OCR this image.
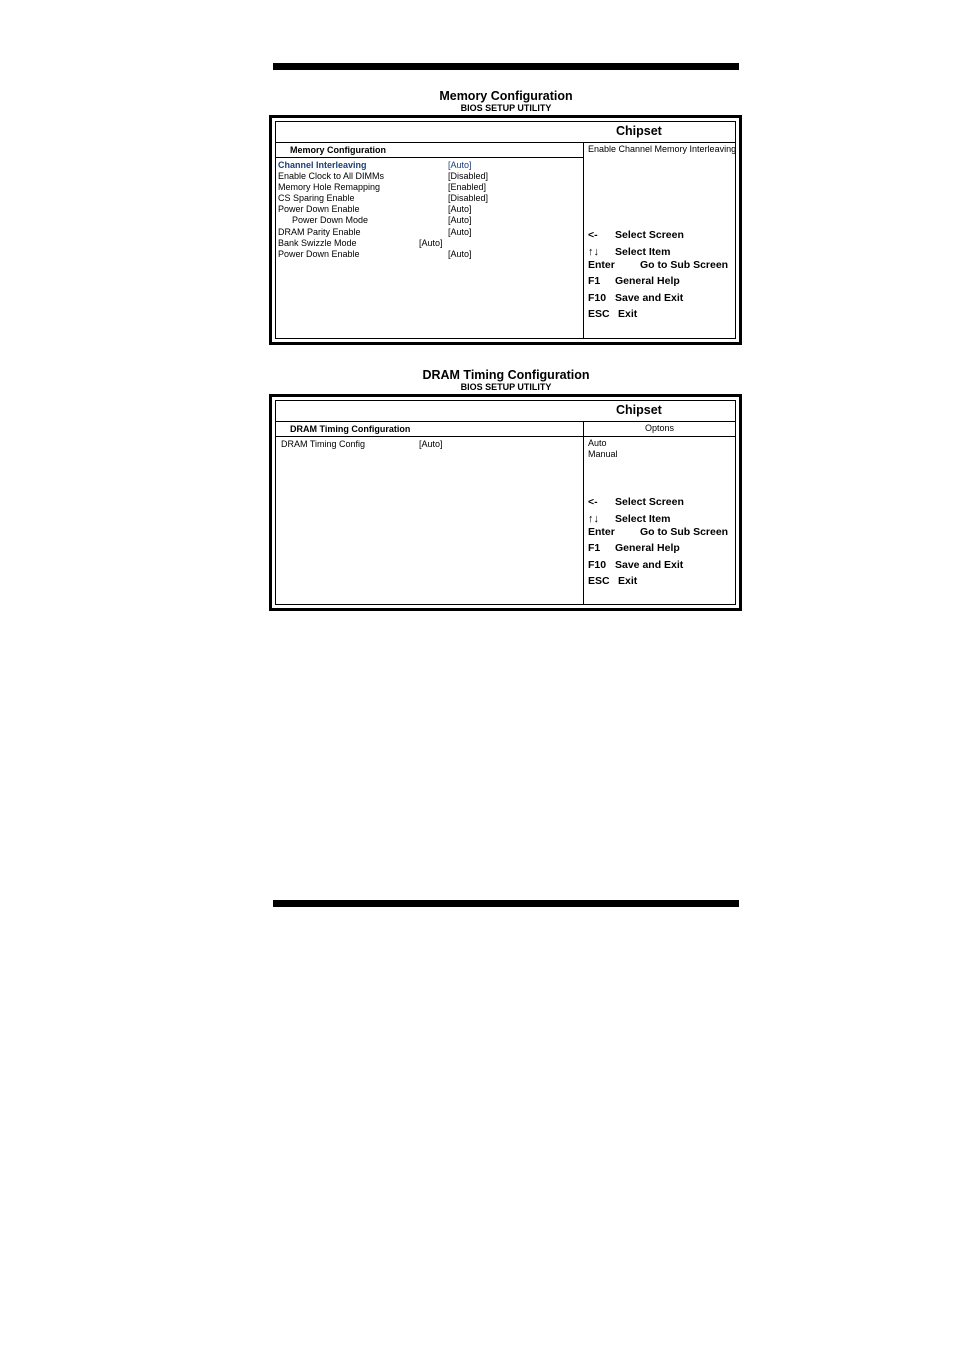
Memory Configuration
BIOS SETUP UTILITY
Chipset
Memory Configuration
Channel Interleaving	[Auto]
Enable Clock to All DIMMs	[Disabled]
Memory Hole Remapping	[Enabled]
CS Sparing Enable	[Disabled]
Power Down Enable	[Auto]
Power Down Mode	[Auto]
DRAM Parity Enable	[Auto]
Bank Swizzle Mode	[Auto]
Power Down Enable	[Auto]
Enable Channel Memory Interleaving
<- Select Screen
↑↓ Select Item
Enter Go to Sub Screen
F1 General Help
F10 Save and Exit
ESC Exit
DRAM Timing Configuration
BIOS SETUP UTILITY
Chipset
DRAM Timing Configuration
DRAM Timing Config	[Auto]
Optons
Auto
Manual
<- Select Screen
↑↓ Select Item
Enter Go to Sub Screen
F1 General Help
F10 Save and Exit
ESC Exit
